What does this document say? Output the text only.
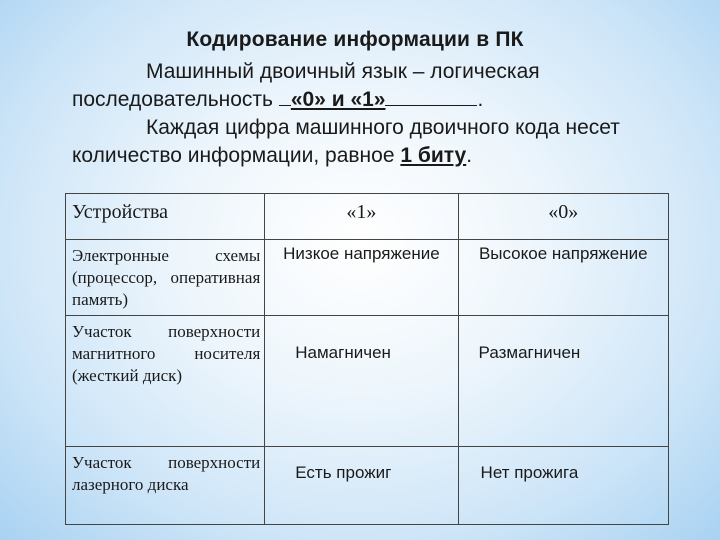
Кодирование информации в ПК
Машинный двоичный язык – логическая последовательность «0» и «1»	.
Каждая цифра машинного двоичного кода несет количество информации, равное 1 биту.
Устройства	«1»	«0»
Электронные схемы (процессор, оперативная память)	Низкое напряжение	Высокое напряжение
Участок поверхности магнитного носителя (жесткий диск)	Намагничен	Размагничен
Участок поверхности лазерного диска	Есть прожиг	Нет прожига
